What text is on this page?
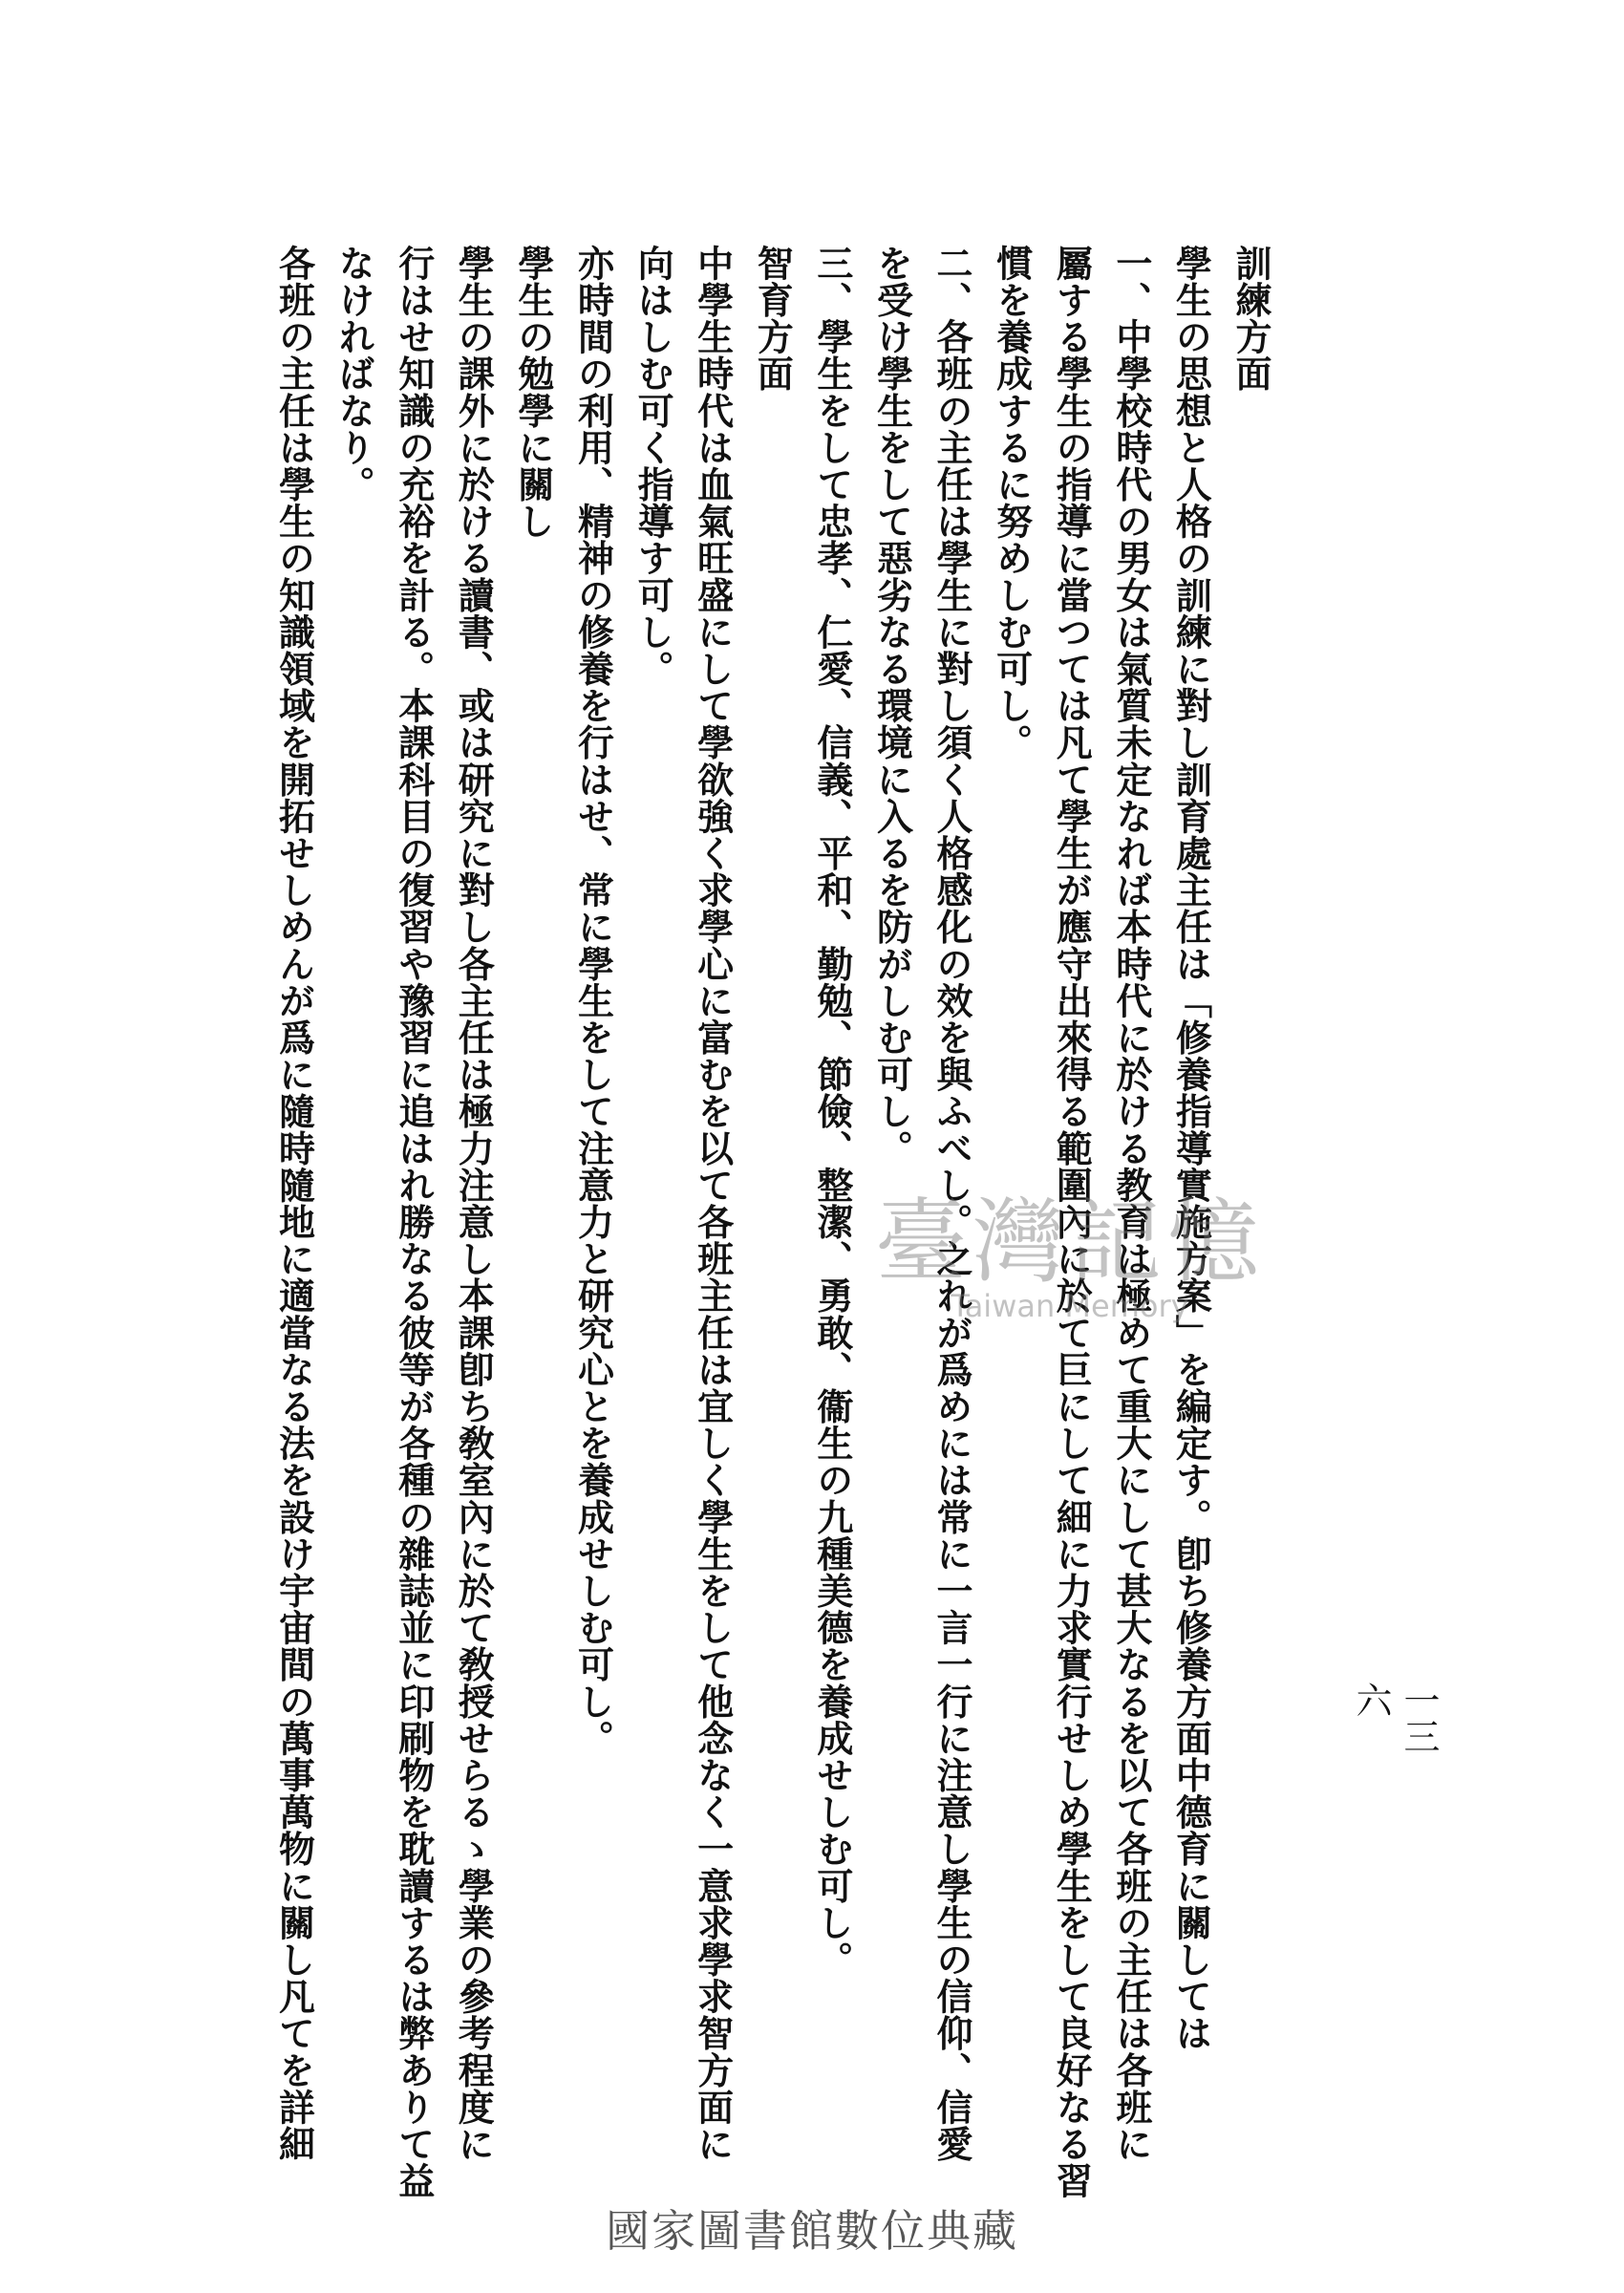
一三六
訓練方面
學生の思想と人格の訓練に對し訓育處主任は「修養指導實施方案」を編定す。卽ち修養方面中德育に關しては
一、中學校時代の男女は氣質未定なれば本時代に於ける教育は極めて重大にして甚大なるを以て各班の主任は各班に
屬する學生の指導に當つては凡て學生が應守出來得る範圍內に於て巨にして細に力求實行せしめ學生をして良好なる習
慣を養成するに努めしむ可し。
二、各班の主任は學生に對し須く人格感化の效を與ふべし。之れが爲めには常に一言一行に注意し學生の信仰、信愛
を受け學生をして惡劣なる環境に入るを防がしむ可し。
三、學生をして忠孝、仁愛、信義、平和、勤勉、節儉、整潔、勇敢、衞生の九種美德を養成せしむ可し。
智育方面
中學生時代は血氣旺盛にして學欲強く求學心に富むを以て各班主任は宜しく學生をして他念なく一意求學求智方面に
向はしむ可く指導す可し。
亦時間の利用、精神の修養を行はせ、常に學生をして注意力と研究心とを養成せしむ可し。
學生の勉學に關し
學生の課外に於ける讀書、或は研究に對し各主任は極力注意し本課卽ち敎室內に於て敎授せらるゝ學業の參考程度に
行はせ知識の充裕を計る。本課科目の復習や豫習に追はれ勝なる彼等が各種の雜誌並に印刷物を耽讀するは弊ありて益
なければなり。
各班の主任は學生の知識領域を開拓せしめんが爲に隨時隨地に適當なる法を設け宇宙間の萬事萬物に關し凡てを詳細	臺灣記憶
Taiwan Memory
國家圖書館數位典藏
